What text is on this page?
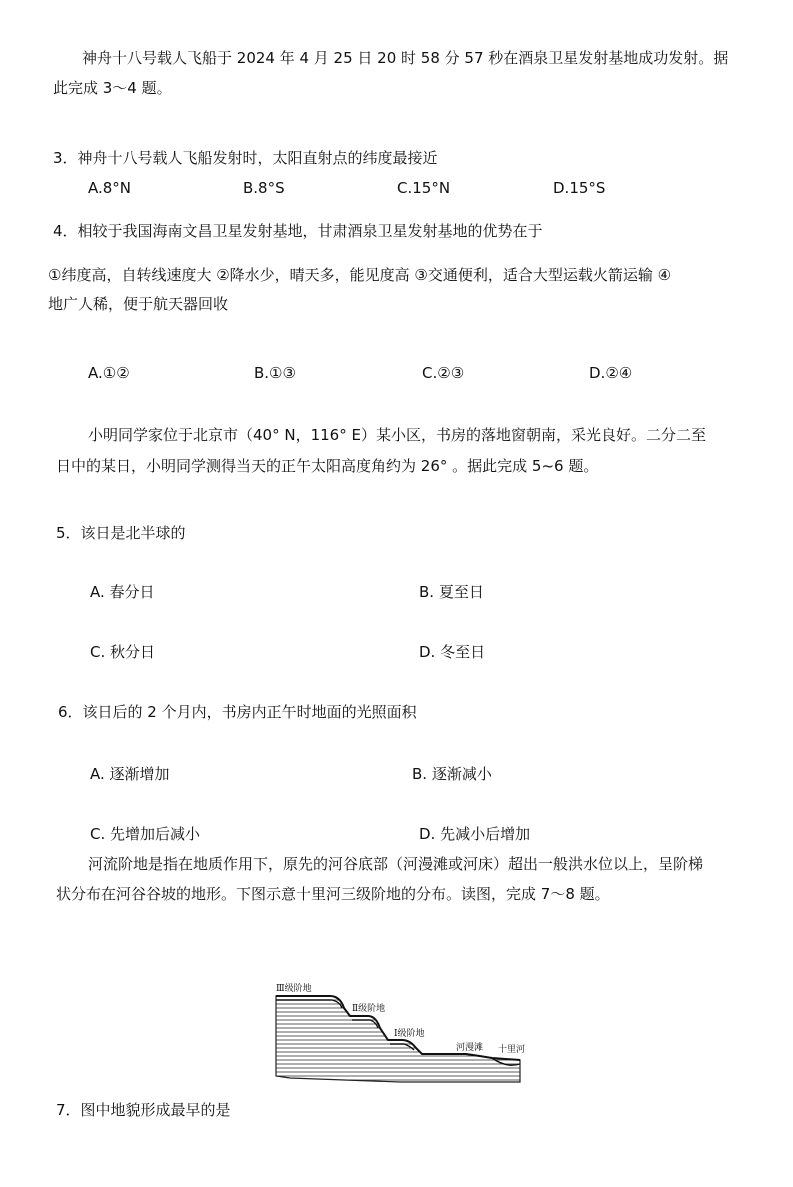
神舟十八号载人飞船于 2024 年 4 月 25 日 20 时 58 分 57 秒在酒泉卫星发射基地成功发射。据
此完成 3～4 题。
3．神舟十八号载人飞船发射时，太阳直射点的纬度最接近
A.8°N	B.8°S	C.15°N	D.15°S
4．相较于我国海南文昌卫星发射基地，甘肃酒泉卫星发射基地的优势在于
①纬度高，自转线速度大 ②降水少，晴天多，能见度高 ③交通便利，适合大型运载火箭运输 ④
地广人稀，便于航天器回收
A.①②	B.①③	C.②③	D.②④
小明同学家位于北京市（40° N，116° E）某小区，书房的落地窗朝南，采光良好。二分二至
日中的某日，小明同学测得当天的正午太阳高度角约为 26° 。据此完成 5~6 题。
5．该日是北半球的
A. 春分日	B. 夏至日
C. 秋分日	D. 冬至日
6．该日后的 2 个月内，书房内正午时地面的光照面积
A. 逐渐增加	B. 逐渐减小
C. 先增加后减小	D. 先减小后增加
河流阶地是指在地质作用下，原先的河谷底部（河漫滩或河床）超出一般洪水位以上，呈阶梯
状分布在河谷谷坡的地形。下图示意十里河三级阶地的分布。读图，完成 7～8 题。
Ⅲ级阶地
Ⅱ级阶地
Ⅰ级阶地
河漫滩 十里河
7．图中地貌形成最早的是
